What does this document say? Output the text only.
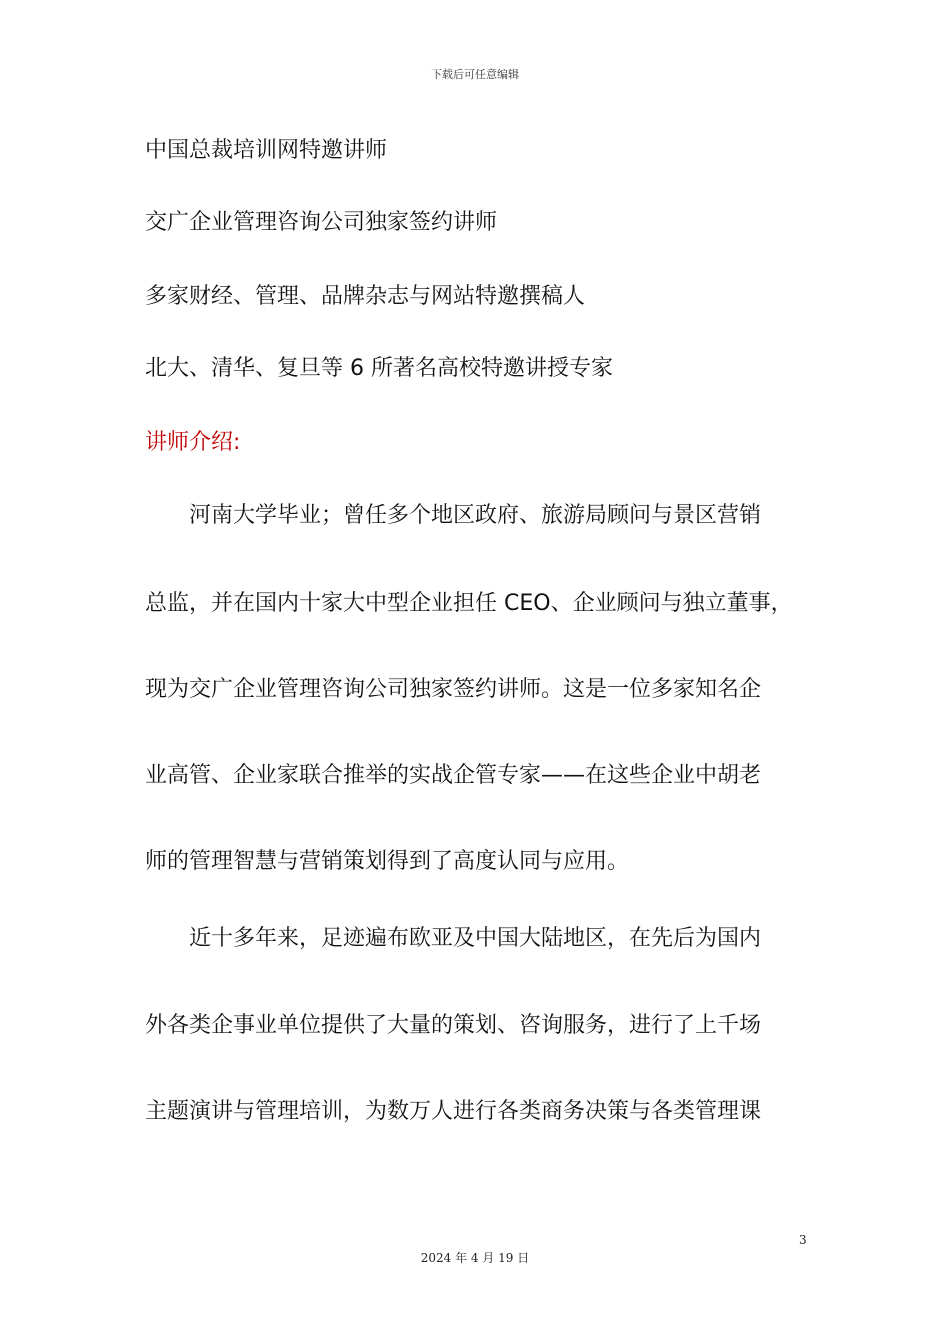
下载后可任意编辑
中国总裁培训网特邀讲师
交广企业管理咨询公司独家签约讲师
多家财经、管理、品牌杂志与网站特邀撰稿人
北大、清华、复旦等 6 所著名高校特邀讲授专家
讲师介绍:
河南大学毕业；曾任多个地区政府、旅游局顾问与景区营销
总监，并在国内十家大中型企业担任 CEO、企业顾问与独立董事，
现为交广企业管理咨询公司独家签约讲师。这是一位多家知名企
业高管、企业家联合推举的实战企管专家——在这些企业中胡老
师的管理智慧与营销策划得到了高度认同与应用。
近十多年来，足迹遍布欧亚及中国大陆地区，在先后为国内
外各类企事业单位提供了大量的策划、咨询服务，进行了上千场
主题演讲与管理培训，为数万人进行各类商务决策与各类管理课
3
2024 年 4 月 19 日
